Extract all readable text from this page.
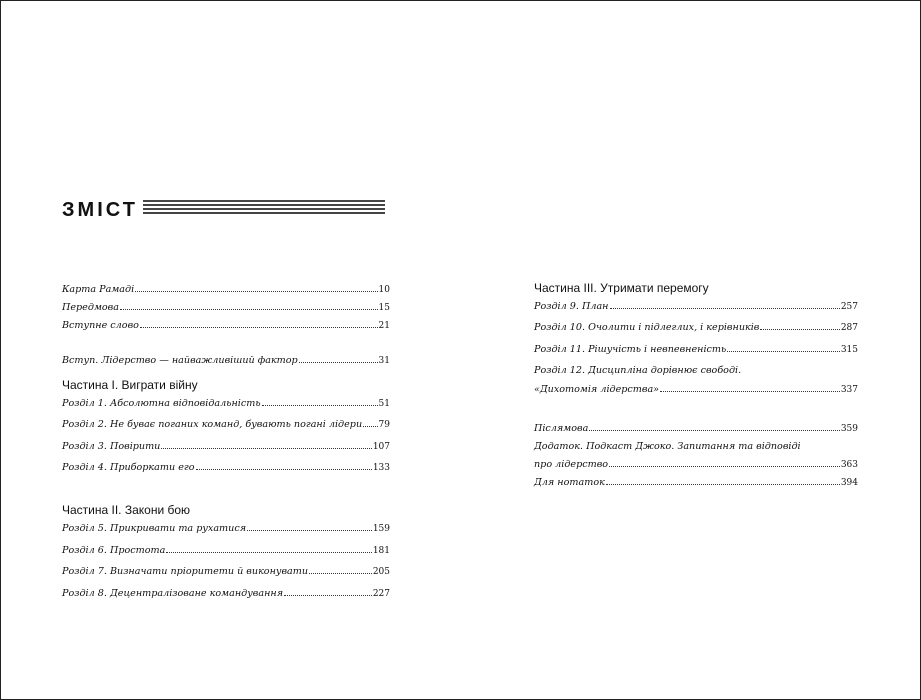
ЗМІСТ
Карта Рамаді	10
Передмова	15
Вступне слово	21
Вступ. Лідерство — найважливіший фактор	31
Частина І. Виграти війну
Розділ 1. Абсолютна відповідальність	51
Розділ 2. Не буває поганих команд, бувають погані лідери 79
Розділ 3. Повірити	107
Розділ 4. Приборкати его	133
Частина ІІ. Закони бою
Розділ 5. Прикривати та рухатися	159
Розділ 6. Простота	181
Розділ 7. Визначати пріоритети й виконувати	205
Розділ 8. Децентралізоване командування	227
Частина ІІІ. Утримати перемогу
Розділ 9. План	257
Розділ 10. Очолити і підлеглих, і керівників	287
Розділ 11. Рішучість і невпевненість	315
Розділ 12. Дисципліна дорівнює свободі.
«Дихотомія лідерства»	337
Післямова	359
Додаток. Подкаст Джоко. Запитання та відповіді
про лідерство	363
Для нотаток	394
